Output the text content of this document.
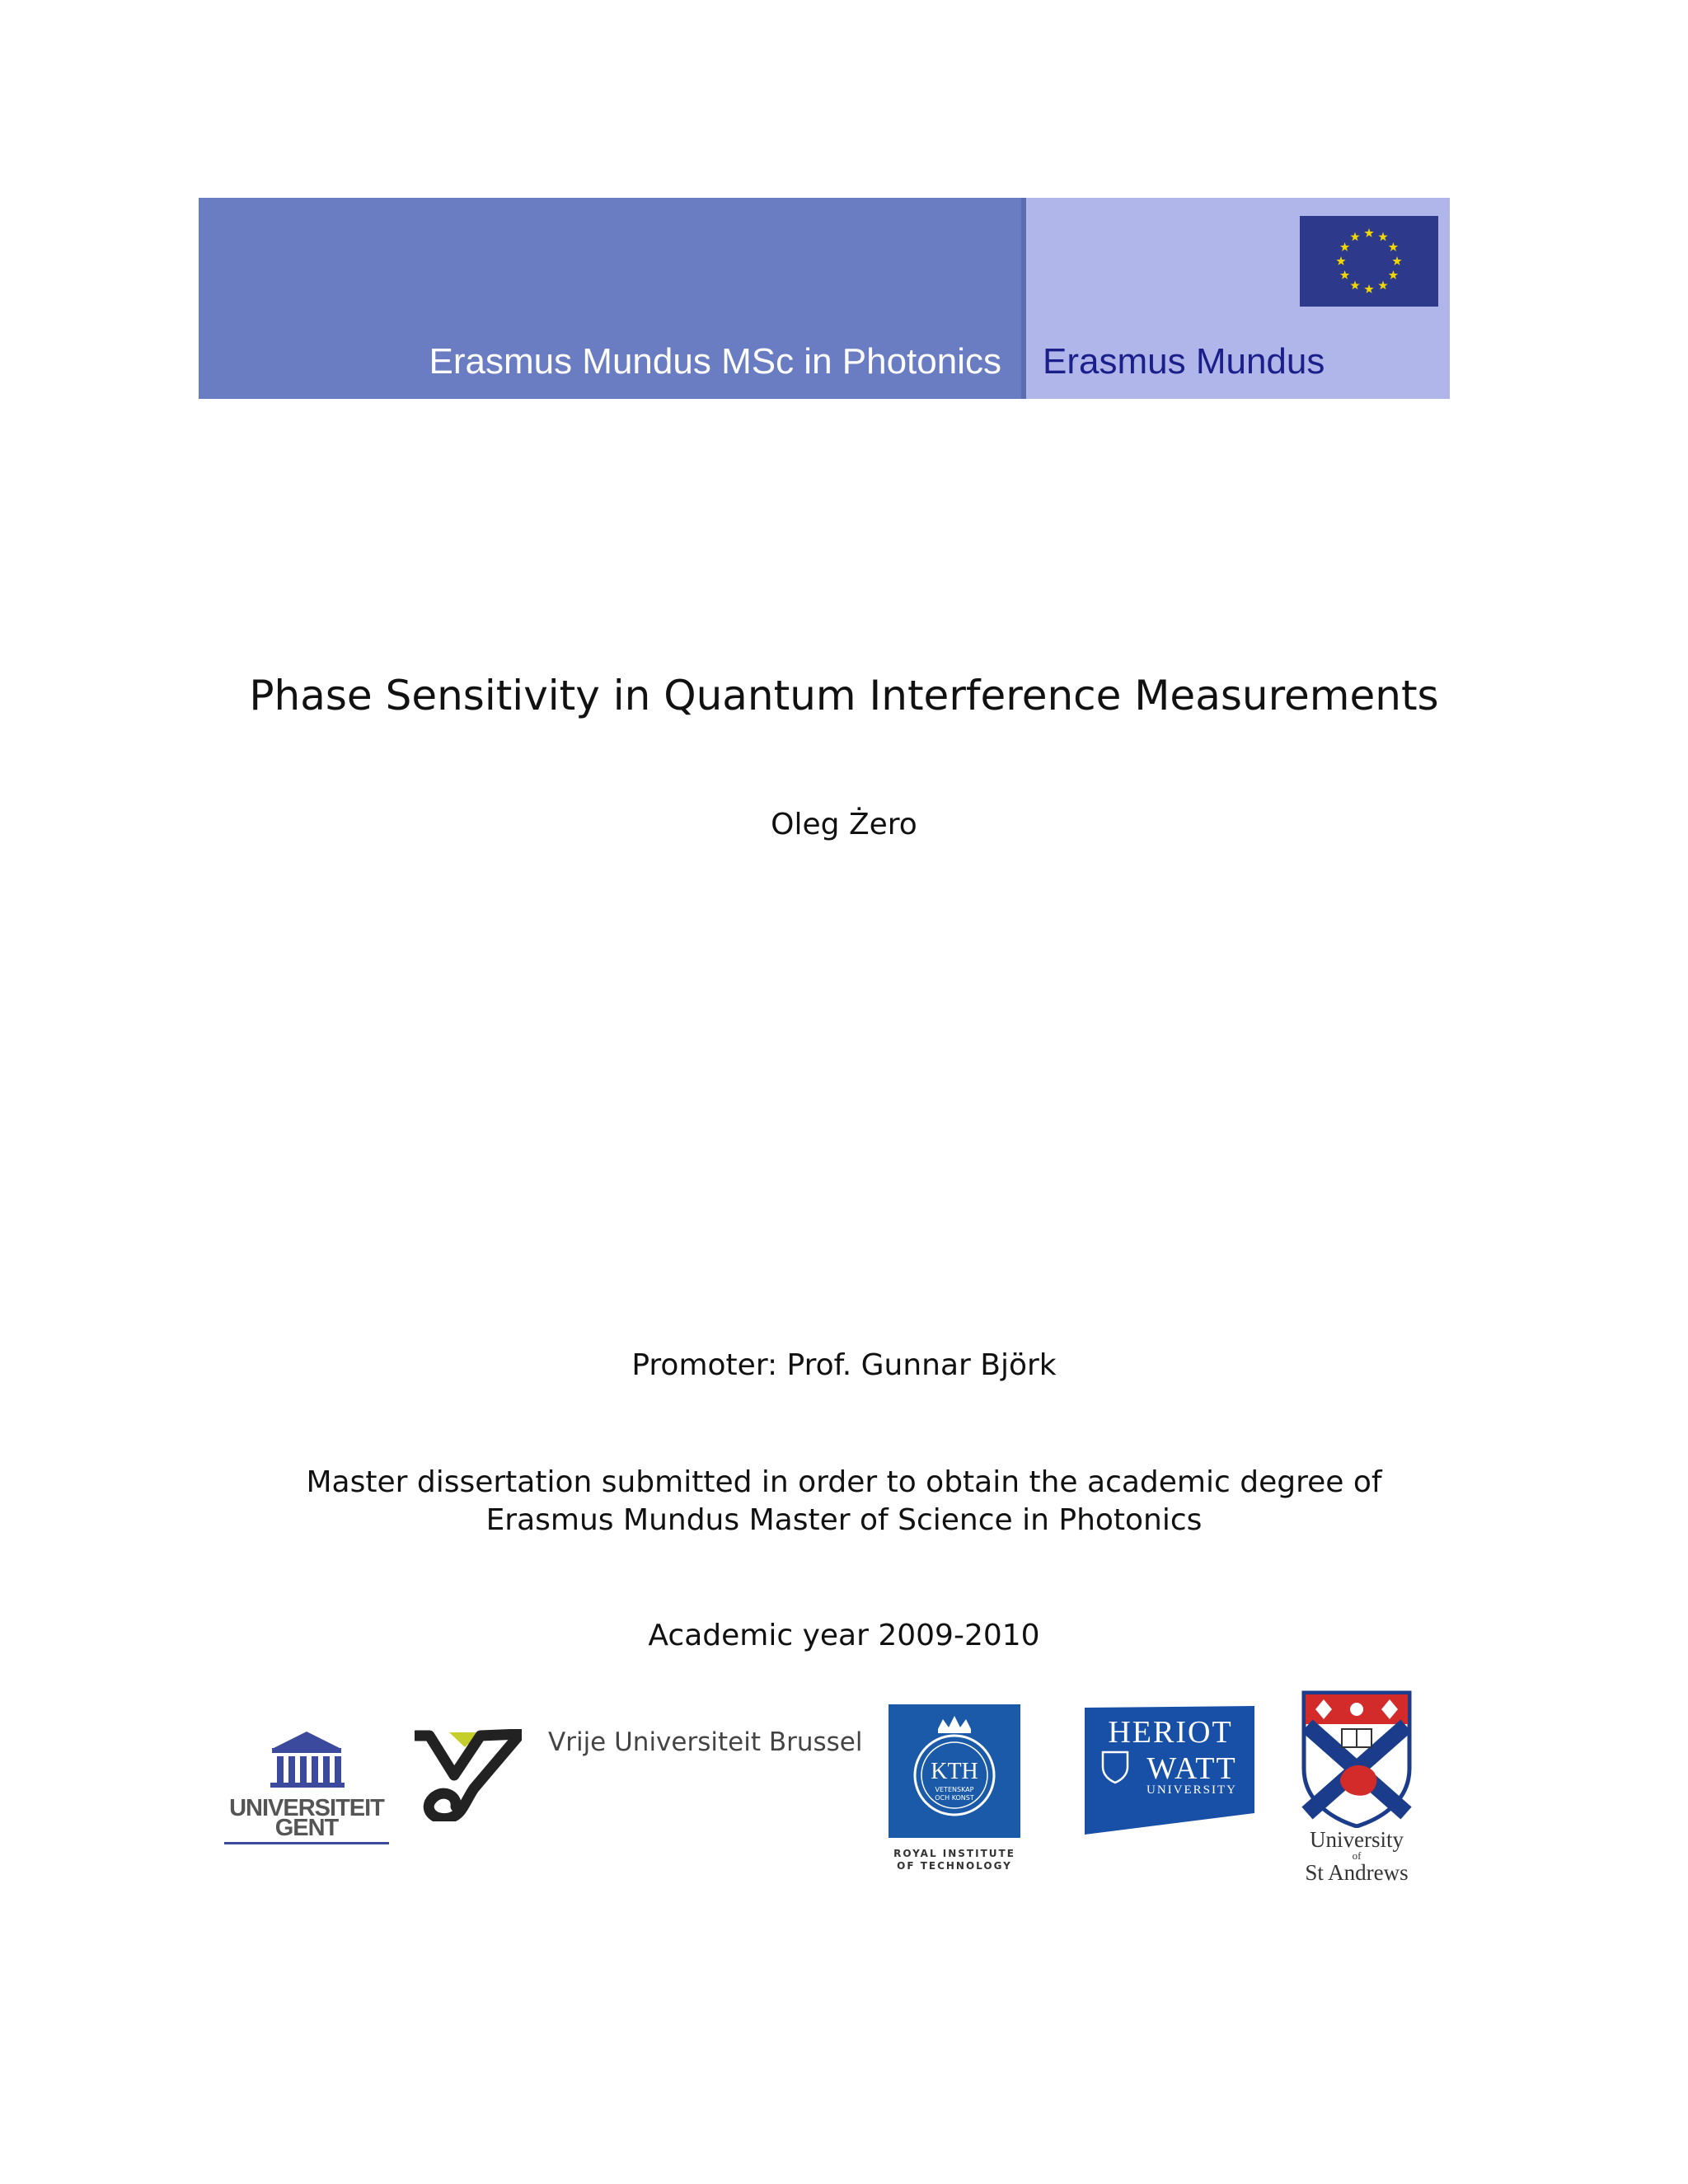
Erasmus Mundus MSc in Photonics Erasmus Mundus
Phase Sensitivity in Quantum Interference Measurements
Oleg Żero
Promoter: Prof. Gunnar Björk
Master dissertation submitted in order to obtain the academic degree of
Erasmus Mundus Master of Science in Photonics
Academic year 2009-2010
UNIVERSITEIT
GENT
Vrije Universiteit Brussel
KTH
VETENSKAP
OCH KONST
ROYAL INSTITUTE
OF TECHNOLOGY
HERIOT
WATT
UNIVERSITY
University
of
St Andrews
